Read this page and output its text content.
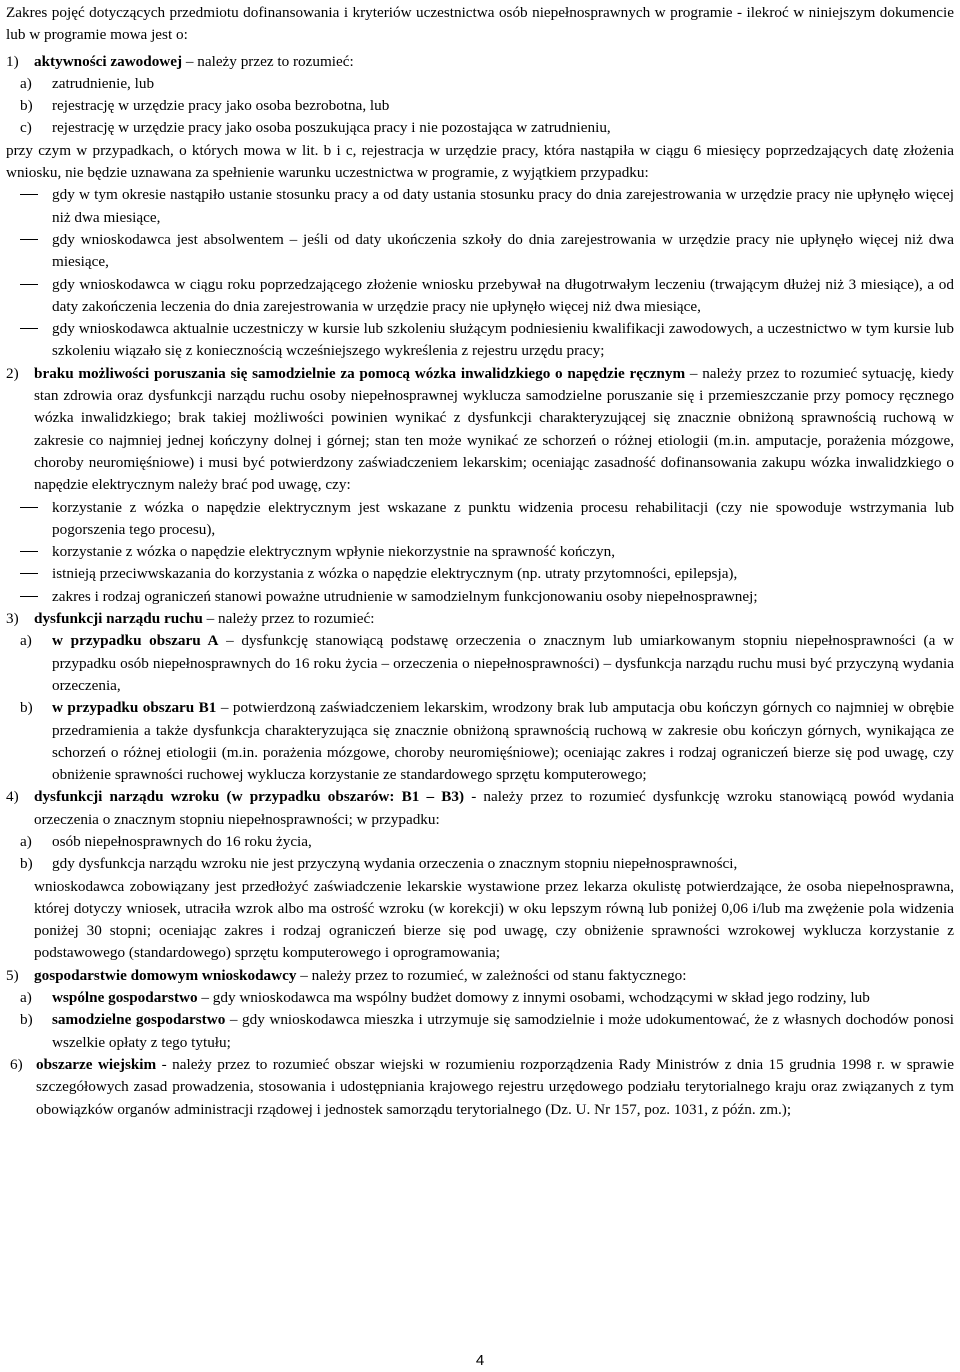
Zakres pojęć dotyczących przedmiotu dofinansowania i kryteriów uczestnictwa osób niepełnosprawnych w programie - ilekroć w niniejszym dokumencie lub w programie mowa jest o:

1) aktywności zawodowej – należy przez to rozumieć:
a) zatrudnienie, lub
b) rejestrację w urzędzie pracy jako osoba bezrobotna, lub
c) rejestrację w urzędzie pracy jako osoba poszukująca pracy i nie pozostająca w zatrudnieniu,

przy czym w przypadkach, o których mowa w lit. b i c, rejestracja w urzędzie pracy, która nastąpiła w ciągu 6 miesięcy poprzedzających datę złożenia wniosku, nie będzie uznawana za spełnienie warunku uczestnictwa w programie, z wyjątkiem przypadku:

gdy w tym okresie nastąpiło ustanie stosunku pracy a od daty ustania stosunku pracy do dnia zarejestrowania w urzędzie pracy nie upłynęło więcej niż dwa miesiące,
gdy wnioskodawca jest absolwentem – jeśli od daty ukończenia szkoły do dnia zarejestrowania w urzędzie pracy nie upłynęło więcej niż dwa miesiące,
gdy wnioskodawca w ciągu roku poprzedzającego złożenie wniosku przebywał na długotrwałym leczeniu (trwającym dłużej niż 3 miesiące), a od daty zakończenia leczenia do dnia zarejestrowania w urzędzie pracy nie upłynęło więcej niż dwa miesiące,
gdy wnioskodawca aktualnie uczestniczy w kursie lub szkoleniu służącym podniesieniu kwalifikacji zawodowych, a uczestnictwo w tym kursie lub szkoleniu wiązało się z koniecznością wcześniejszego wykreślenia z rejestru urzędu pracy;
2) braku możliwości poruszania się samodzielnie za pomocą wózka inwalidzkiego o napędzie ręcznym – należy przez to rozumieć sytuację, kiedy stan zdrowia oraz dysfunkcji narządu ruchu osoby niepełnosprawnej wyklucza samodzielne poruszanie się i przemieszczanie przy pomocy ręcznego wózka inwalidzkiego; brak takiej możliwości powinien wynikać z dysfunkcji charakteryzującej się znacznie obniżoną sprawnością ruchową w zakresie co najmniej jednej kończyny dolnej i górnej; stan ten może wynikać ze schorzeń o różnej etiologii (m.in. amputacje, porażenia mózgowe, choroby neuromięśniowe) i musi być potwierdzony zaświadczeniem lekarskim; oceniając zasadność dofinansowania zakupu wózka inwalidzkiego o napędzie elektrycznym należy brać pod uwagę, czy:
korzystanie z wózka o napędzie elektrycznym jest wskazane z punktu widzenia procesu rehabilitacji (czy nie spowoduje wstrzymania lub pogorszenia tego procesu),
korzystanie z wózka o napędzie elektrycznym wpłynie niekorzystnie na sprawność kończyn,
istnieją przeciwwskazania do korzystania z wózka o napędzie elektrycznym (np. utraty przytomności, epilepsja),
zakres i rodzaj ograniczeń stanowi poważne utrudnienie w samodzielnym funkcjonowaniu osoby niepełnosprawnej;
3) dysfunkcji narządu ruchu – należy przez to rozumieć:
a) w przypadku obszaru A – dysfunkcję stanowiącą podstawę orzeczenia o znacznym lub umiarkowanym stopniu niepełnosprawności (a w przypadku osób niepełnosprawnych do 16 roku życia – orzeczenia o niepełnosprawności) – dysfunkcja narządu ruchu musi być przyczyną wydania orzeczenia,
b) w przypadku obszaru B1 – potwierdzoną zaświadczeniem lekarskim, wrodzony brak lub amputacja obu kończyn górnych co najmniej w obrębie przedramienia a także dysfunkcja charakteryzująca się znacznie obniżoną sprawnością ruchową w zakresie obu kończyn górnych, wynikająca ze schorzeń o różnej etiologii (m.in. porażenia mózgowe, choroby neuromięśniowe); oceniając zakres i rodzaj ograniczeń bierze się pod uwagę, czy obniżenie sprawności ruchowej wyklucza korzystanie ze standardowego sprzętu komputerowego;
4) dysfunkcji narządu wzroku (w przypadku obszarów: B1 – B3) - należy przez to rozumieć dysfunkcję wzroku stanowiącą powód wydania orzeczenia o znacznym stopniu niepełnosprawności; w przypadku:
a) osób niepełnosprawnych do 16 roku życia,
b) gdy dysfunkcja narządu wzroku nie jest przyczyną wydania orzeczenia o znacznym stopniu niepełnosprawności,

wnioskodawca zobowiązany jest przedłożyć zaświadczenie lekarskie wystawione przez lekarza okulistę potwierdzające, że osoba niepełnosprawna, której dotyczy wniosek, utraciła wzrok albo ma ostrość wzroku (w korekcji) w oku lepszym równą lub poniżej 0,06 i/lub ma zwężenie pola widzenia poniżej 30 stopni; oceniając zakres i rodzaj ograniczeń bierze się pod uwagę, czy obniżenie sprawności wzrokowej wyklucza korzystanie z podstawowego (standardowego) sprzętu komputerowego i oprogramowania;

5) gospodarstwie domowym wnioskodawcy – należy przez to rozumieć, w zależności od stanu faktycznego:
a) wspólne gospodarstwo – gdy wnioskodawca ma wspólny budżet domowy z innymi osobami, wchodzącymi w skład jego rodziny, lub
b) samodzielne gospodarstwo – gdy wnioskodawca mieszka i utrzymuje się samodzielnie i może udokumentować, że z własnych dochodów ponosi wszelkie opłaty z tego tytułu;
6) obszarze wiejskim - należy przez to rozumieć obszar wiejski w rozumieniu rozporządzenia Rady Ministrów z dnia 15 grudnia 1998 r. w sprawie szczegółowych zasad prowadzenia, stosowania i udostępniania krajowego rejestru urzędowego podziału terytorialnego kraju oraz związanych z tym obowiązków organów administracji rządowej i jednostek samorządu terytorialnego (Dz. U. Nr 157, poz. 1031, z późn. zm.);
4
